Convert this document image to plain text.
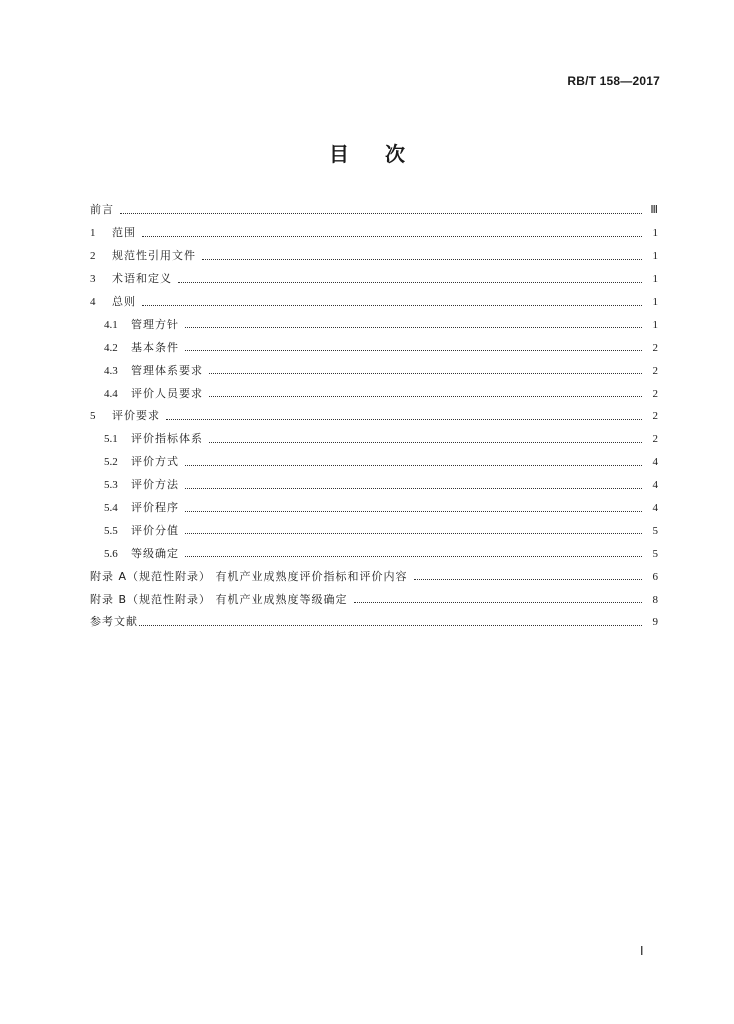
RB/T 158—2017
目次
前言	Ⅲ
1	范围	1
2	规范性引用文件	1
3	术语和定义	1
4	总则	1
4.1	管理方针	1
4.2	基本条件	2
4.3	管理体系要求	2
4.4	评价人员要求	2
5	评价要求	2
5.1	评价指标体系	2
5.2	评价方式	4
5.3	评价方法	4
5.4	评价程序	4
5.5	评价分值	5
5.6	等级确定	5
附录 A（规范性附录） 有机产业成熟度评价指标和评价内容	6
附录 B（规范性附录） 有机产业成熟度等级确定	8
参考文献	9
Ⅰ
